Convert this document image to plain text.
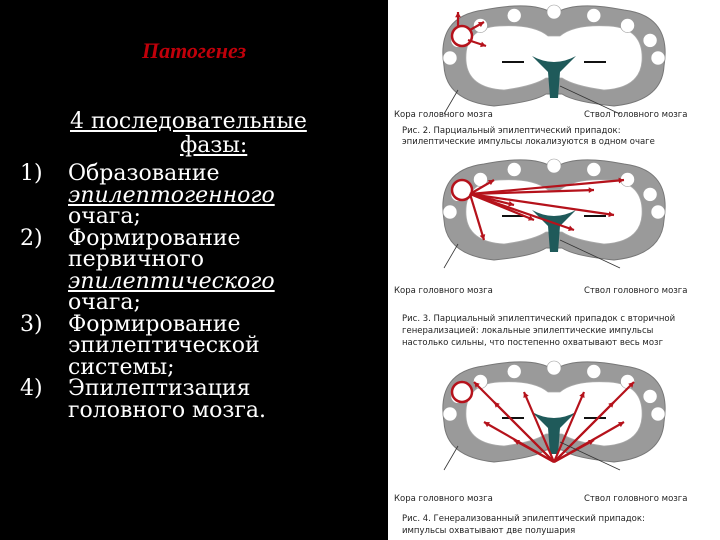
Патогенез
4 последовательные
фазы:
1)	Образование
эпилептогенного
очага;
2)	Формирование
первичного
эпилептического
очага;
3)	Формирование
эпилептической
системы;
4)	Эпилептизация
головного мозга.
Кора головного мозга	Ствол головного мозга
Рис. 2. Парциальный эпилептический припадок:
эпилептические импульсы локализуются в одном очаге
Кора головного мозга	Ствол головного мозга
Рис. 3. Парциальный эпилептический припадок с вторичной
генерализацией: локальные эпилептические импульсы
настолько сильны, что постепенно охватывают весь мозг
Кора головного мозга	Ствол головного мозга
Рис. 4. Генерализованный эпилептический припадок:
импульсы охватывают две полушария
